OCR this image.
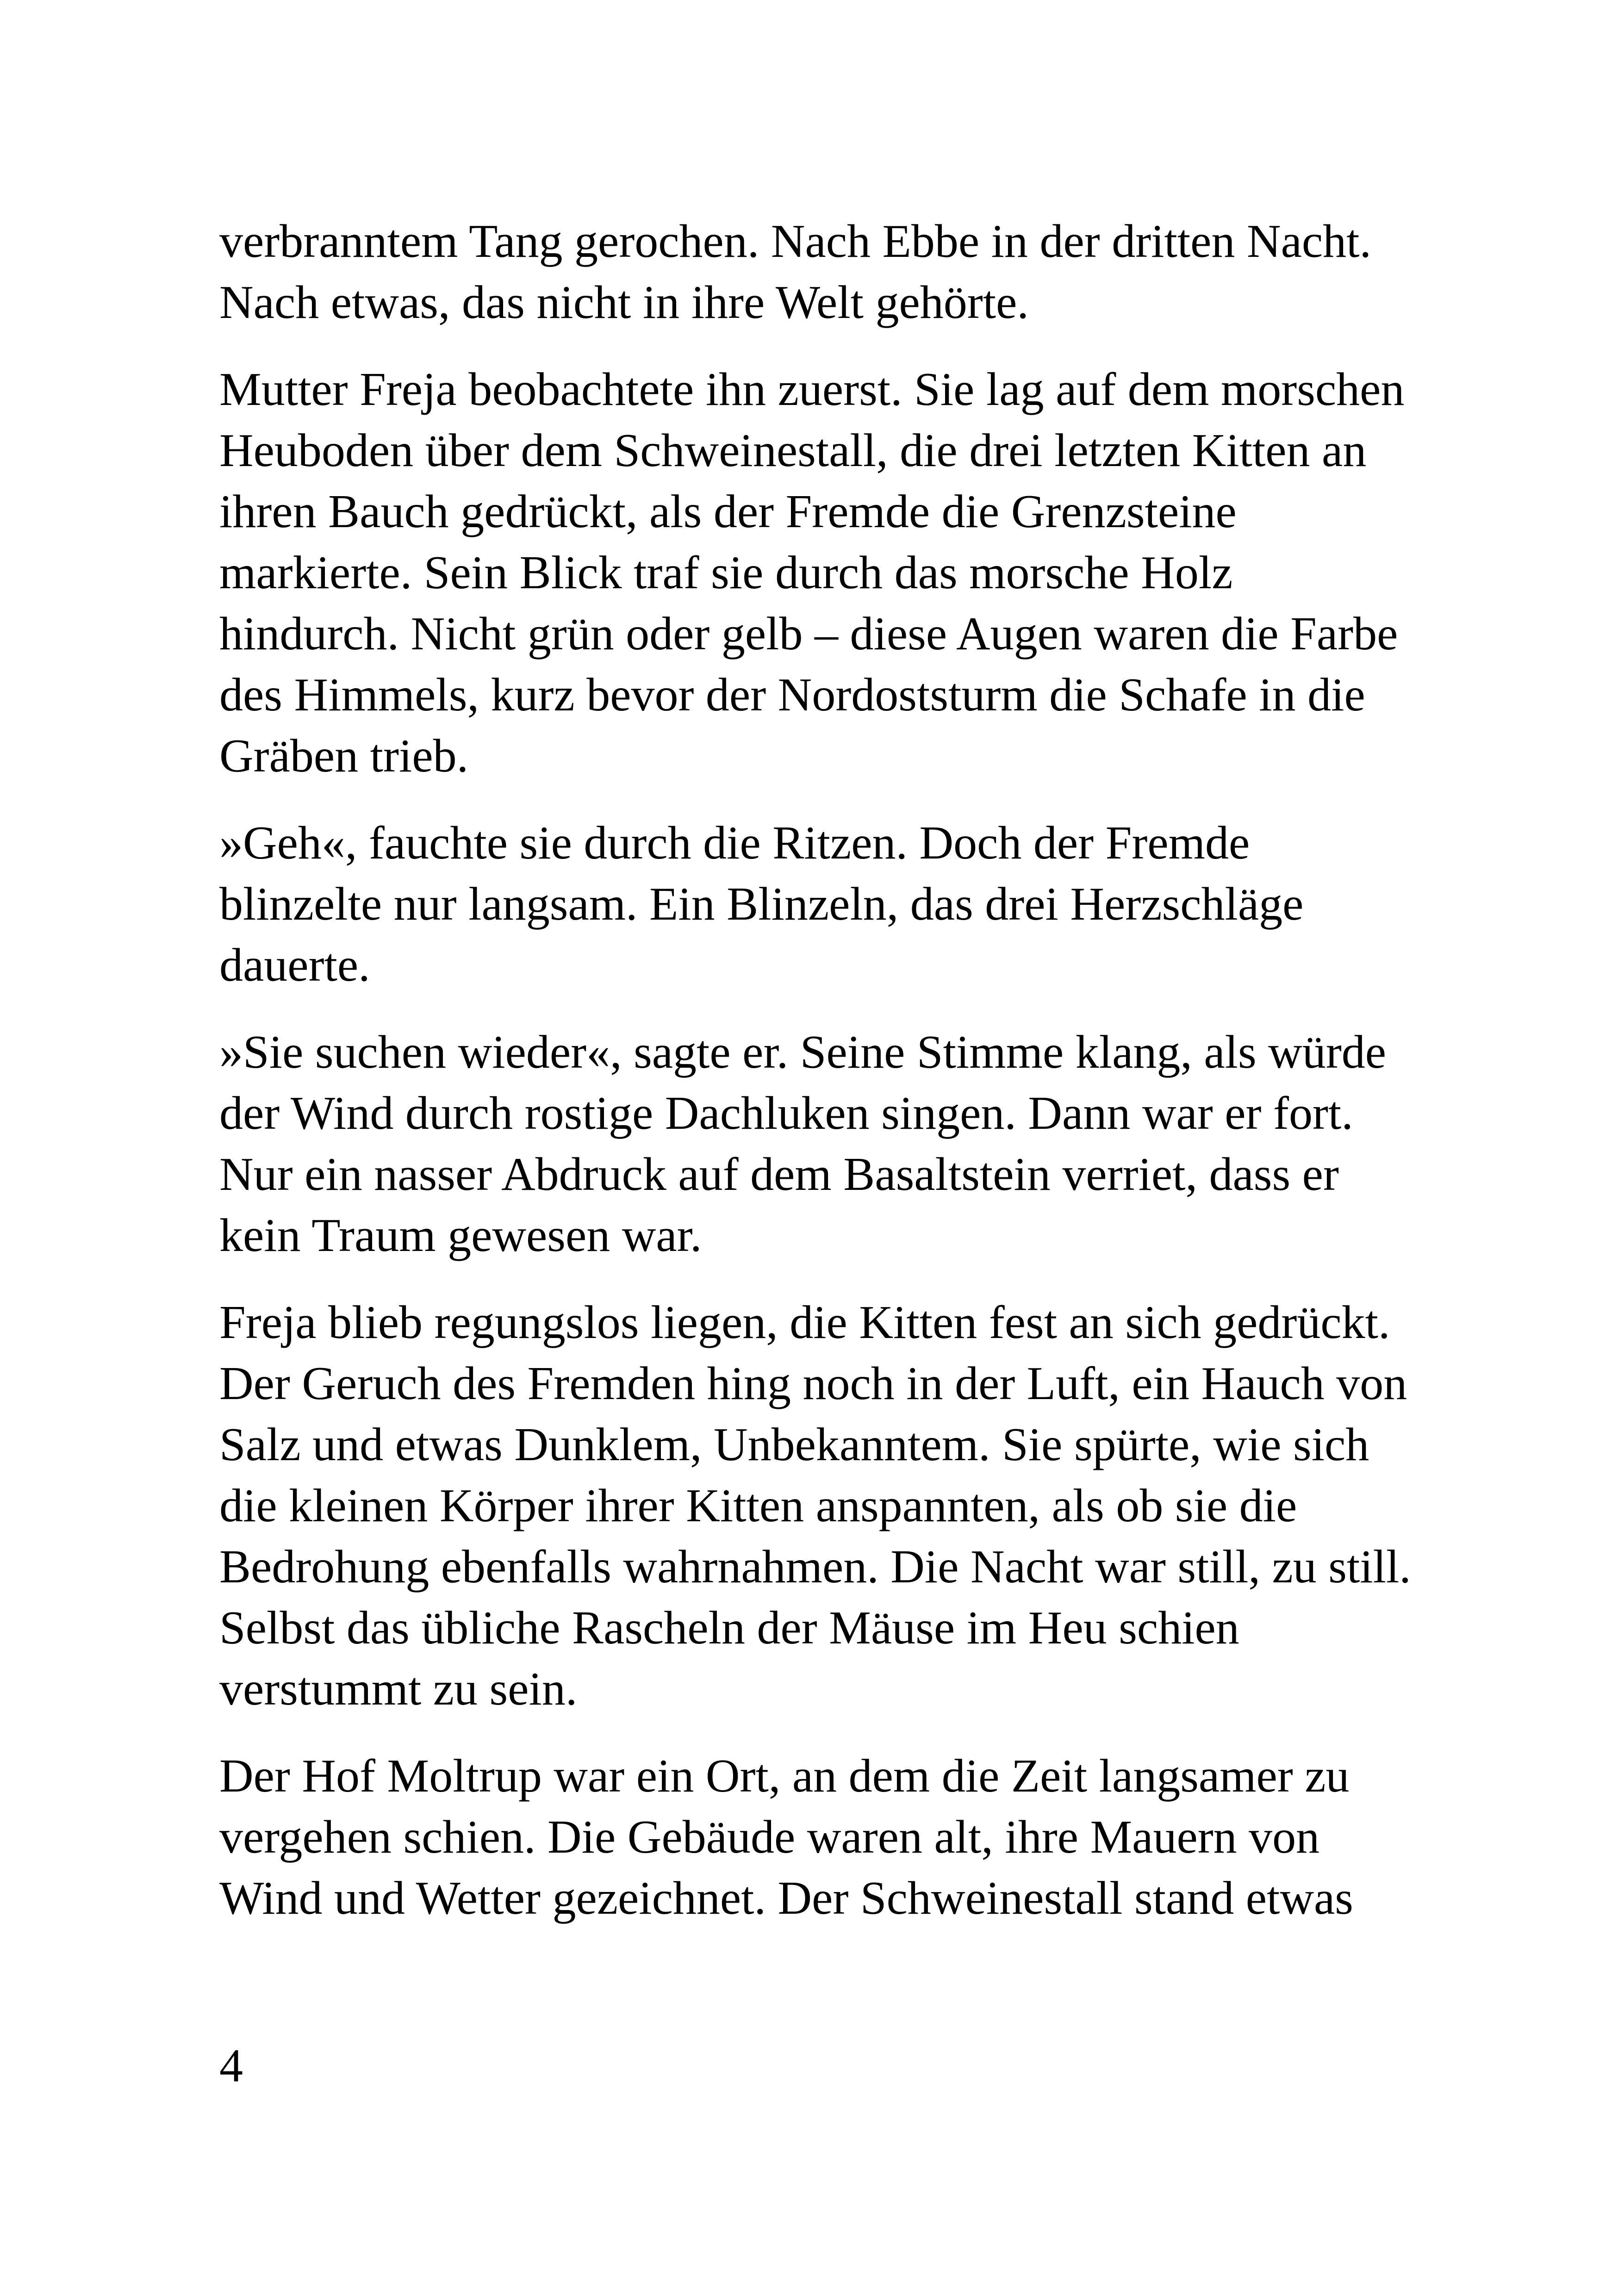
verbranntem Tang gerochen. Nach Ebbe in der dritten Nacht.
Nach etwas, das nicht in ihre Welt gehörte.

Mutter Freja beobachtete ihn zuerst. Sie lag auf dem morschen
Heuboden über dem Schweinestall, die drei letzten Kitten an
ihren Bauch gedrückt, als der Fremde die Grenzsteine
markierte. Sein Blick traf sie durch das morsche Holz
hindurch. Nicht grün oder gelb – diese Augen waren die Farbe
des Himmels, kurz bevor der Nordoststurm die Schafe in die
Gräben trieb.

»Geh«, fauchte sie durch die Ritzen. Doch der Fremde
blinzelte nur langsam. Ein Blinzeln, das drei Herzschläge
dauerte.

»Sie suchen wieder«, sagte er. Seine Stimme klang, als würde
der Wind durch rostige Dachluken singen. Dann war er fort.
Nur ein nasser Abdruck auf dem Basaltstein verriet, dass er
kein Traum gewesen war.

Freja blieb regungslos liegen, die Kitten fest an sich gedrückt.
Der Geruch des Fremden hing noch in der Luft, ein Hauch von
Salz und etwas Dunklem, Unbekanntem. Sie spürte, wie sich
die kleinen Körper ihrer Kitten anspannten, als ob sie die
Bedrohung ebenfalls wahrnahmen. Die Nacht war still, zu still.
Selbst das übliche Rascheln der Mäuse im Heu schien
verstummt zu sein.

Der Hof Moltrup war ein Ort, an dem die Zeit langsamer zu
vergehen schien. Die Gebäude waren alt, ihre Mauern von
Wind und Wetter gezeichnet. Der Schweinestall stand etwas

4
